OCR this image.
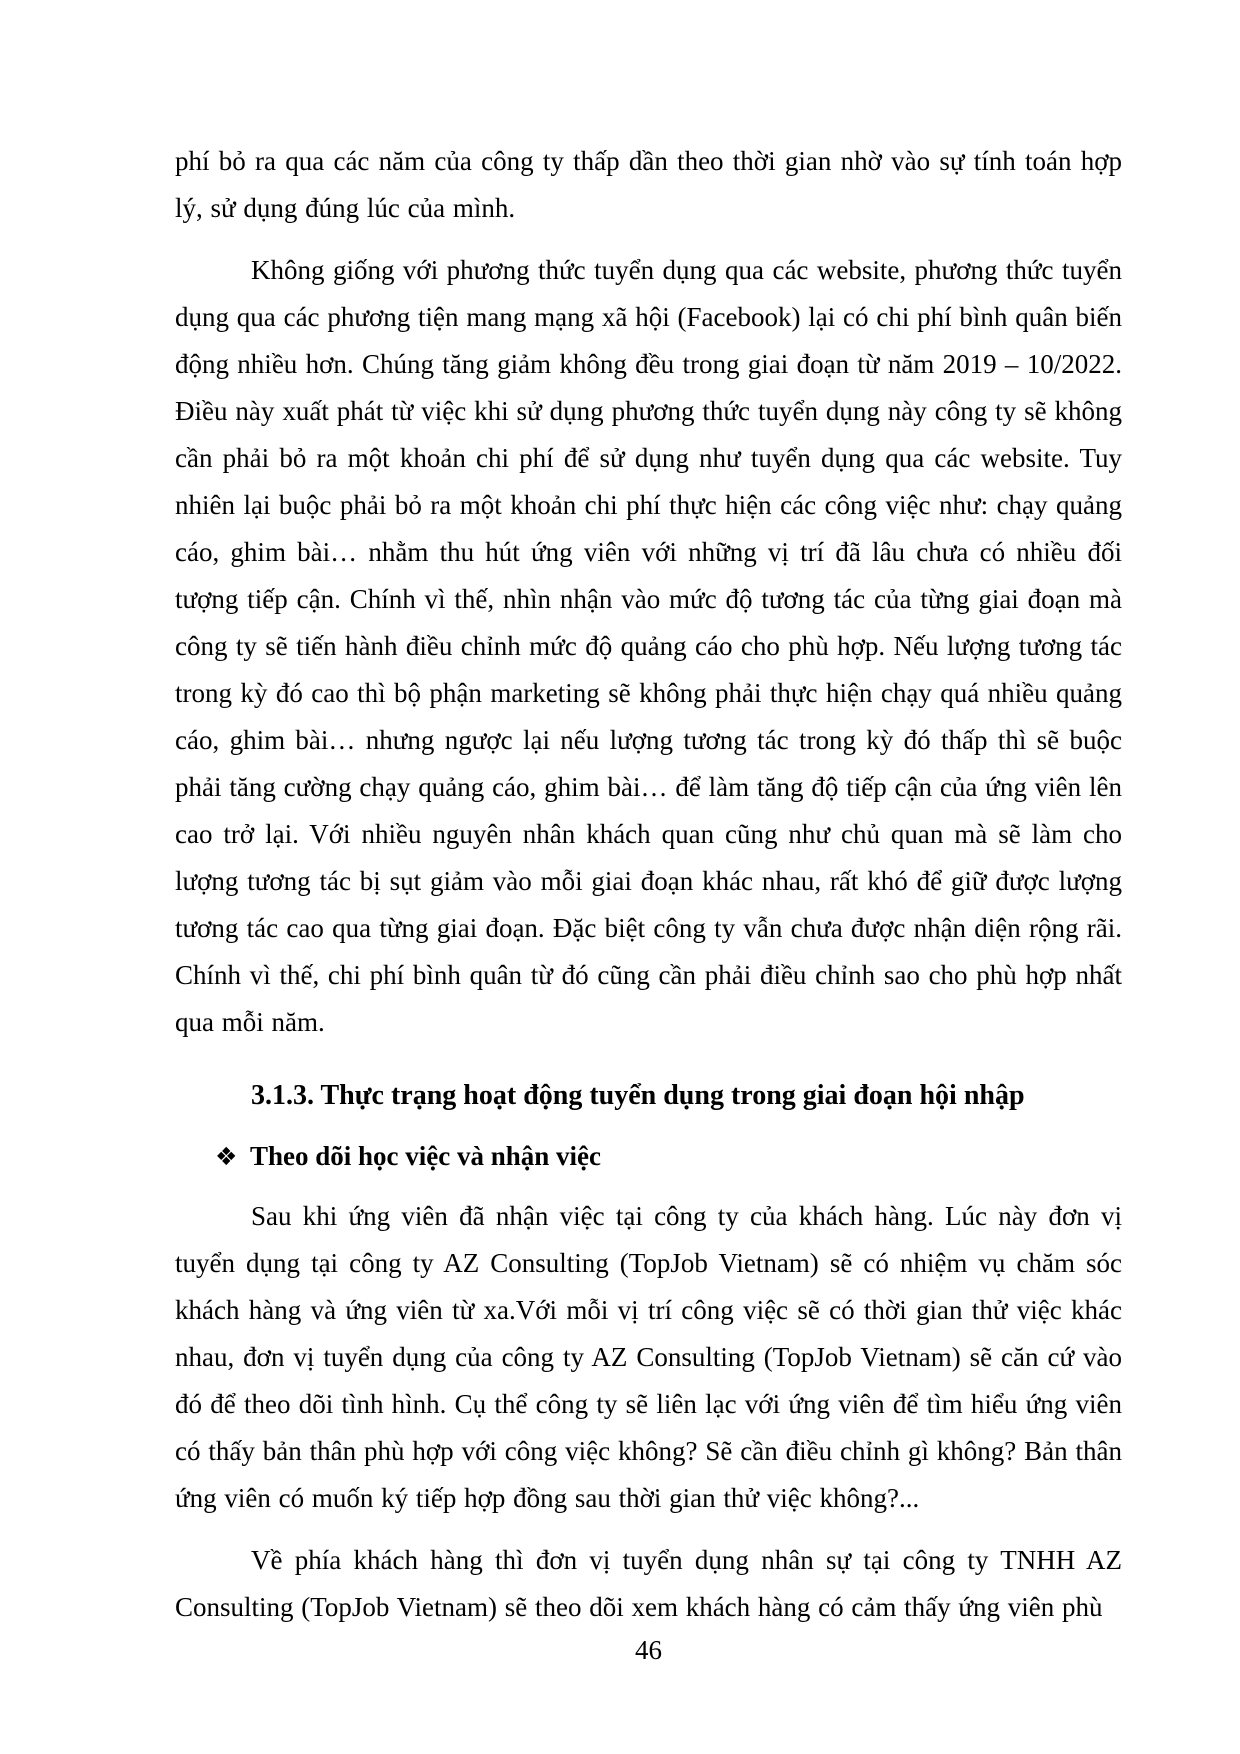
phí bỏ ra qua các năm của công ty thấp dần theo thời gian nhờ vào sự tính toán hợp lý, sử dụng đúng lúc của mình.

Không giống với phương thức tuyển dụng qua các website, phương thức tuyển dụng qua các phương tiện mang mạng xã hội (Facebook) lại có chi phí bình quân biến động nhiều hơn. Chúng tăng giảm không đều trong giai đoạn từ năm 2019 – 10/2022. Điều này xuất phát từ việc khi sử dụng phương thức tuyển dụng này công ty sẽ không cần phải bỏ ra một khoản chi phí để sử dụng như tuyển dụng qua các website. Tuy nhiên lại buộc phải bỏ ra một khoản chi phí thực hiện các công việc như: chạy quảng cáo, ghim bài… nhằm thu hút ứng viên với những vị trí đã lâu chưa có nhiều đối tượng tiếp cận. Chính vì thế, nhìn nhận vào mức độ tương tác của từng giai đoạn mà công ty sẽ tiến hành điều chỉnh mức độ quảng cáo cho phù hợp. Nếu lượng tương tác trong kỳ đó cao thì bộ phận marketing sẽ không phải thực hiện chạy quá nhiều quảng cáo, ghim bài… nhưng ngược lại nếu lượng tương tác trong kỳ đó thấp thì sẽ buộc phải tăng cường chạy quảng cáo, ghim bài… để làm tăng độ tiếp cận của ứng viên lên cao trở lại. Với nhiều nguyên nhân khách quan cũng như chủ quan mà sẽ làm cho lượng tương tác bị sụt giảm vào mỗi giai đoạn khác nhau, rất khó để giữ được lượng tương tác cao qua từng giai đoạn. Đặc biệt công ty vẫn chưa được nhận diện rộng rãi. Chính vì thế, chi phí bình quân từ đó cũng cần phải điều chỉnh sao cho phù hợp nhất qua mỗi năm.

3.1.3. Thực trạng hoạt động tuyển dụng trong giai đoạn hội nhập
❖ Theo dõi học việc và nhận việc

Sau khi ứng viên đã nhận việc tại công ty của khách hàng. Lúc này đơn vị tuyển dụng tại công ty AZ Consulting (TopJob Vietnam) sẽ có nhiệm vụ chăm sóc khách hàng và ứng viên từ xa.Với mỗi vị trí công việc sẽ có thời gian thử việc khác nhau, đơn vị tuyển dụng của công ty AZ Consulting (TopJob Vietnam) sẽ căn cứ vào đó để theo dõi tình hình. Cụ thể công ty sẽ liên lạc với ứng viên để tìm hiểu ứng viên có thấy bản thân phù hợp với công việc không? Sẽ cần điều chỉnh gì không? Bản thân ứng viên có muốn ký tiếp hợp đồng sau thời gian thử việc không?...

Về phía khách hàng thì đơn vị tuyển dụng nhân sự tại công ty TNHH AZ Consulting (TopJob Vietnam) sẽ theo dõi xem khách hàng có cảm thấy ứng viên phù

46
